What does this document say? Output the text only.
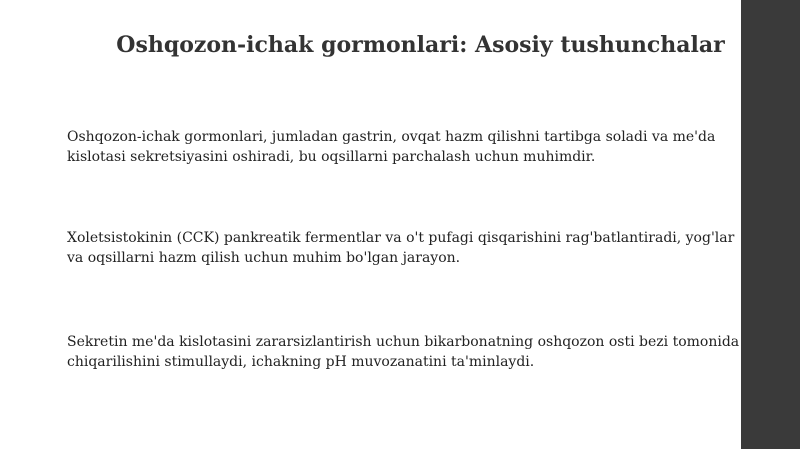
Oshqozon-ichak gormonlari: Asosiy tushunchalar
Oshqozon-ichak gormonlari, jumladan gastrin, ovqat hazm qilishni tartibga soladi va me'da
kislotasi sekretsiyasini oshiradi, bu oqsillarni parchalash uchun muhimdir.
Xoletsistokinin (CCK) pankreatik fermentlar va o't pufagi qisqarishini rag'batlantiradi, yog'lar
va oqsillarni hazm qilish uchun muhim bo'lgan jarayon.
Sekretin me'da kislotasini zararsizlantirish uchun bikarbonatning oshqozon osti bezi tomonida
chiqarilishini stimullaydi, ichakning pH muvozanatini ta'minlaydi.
